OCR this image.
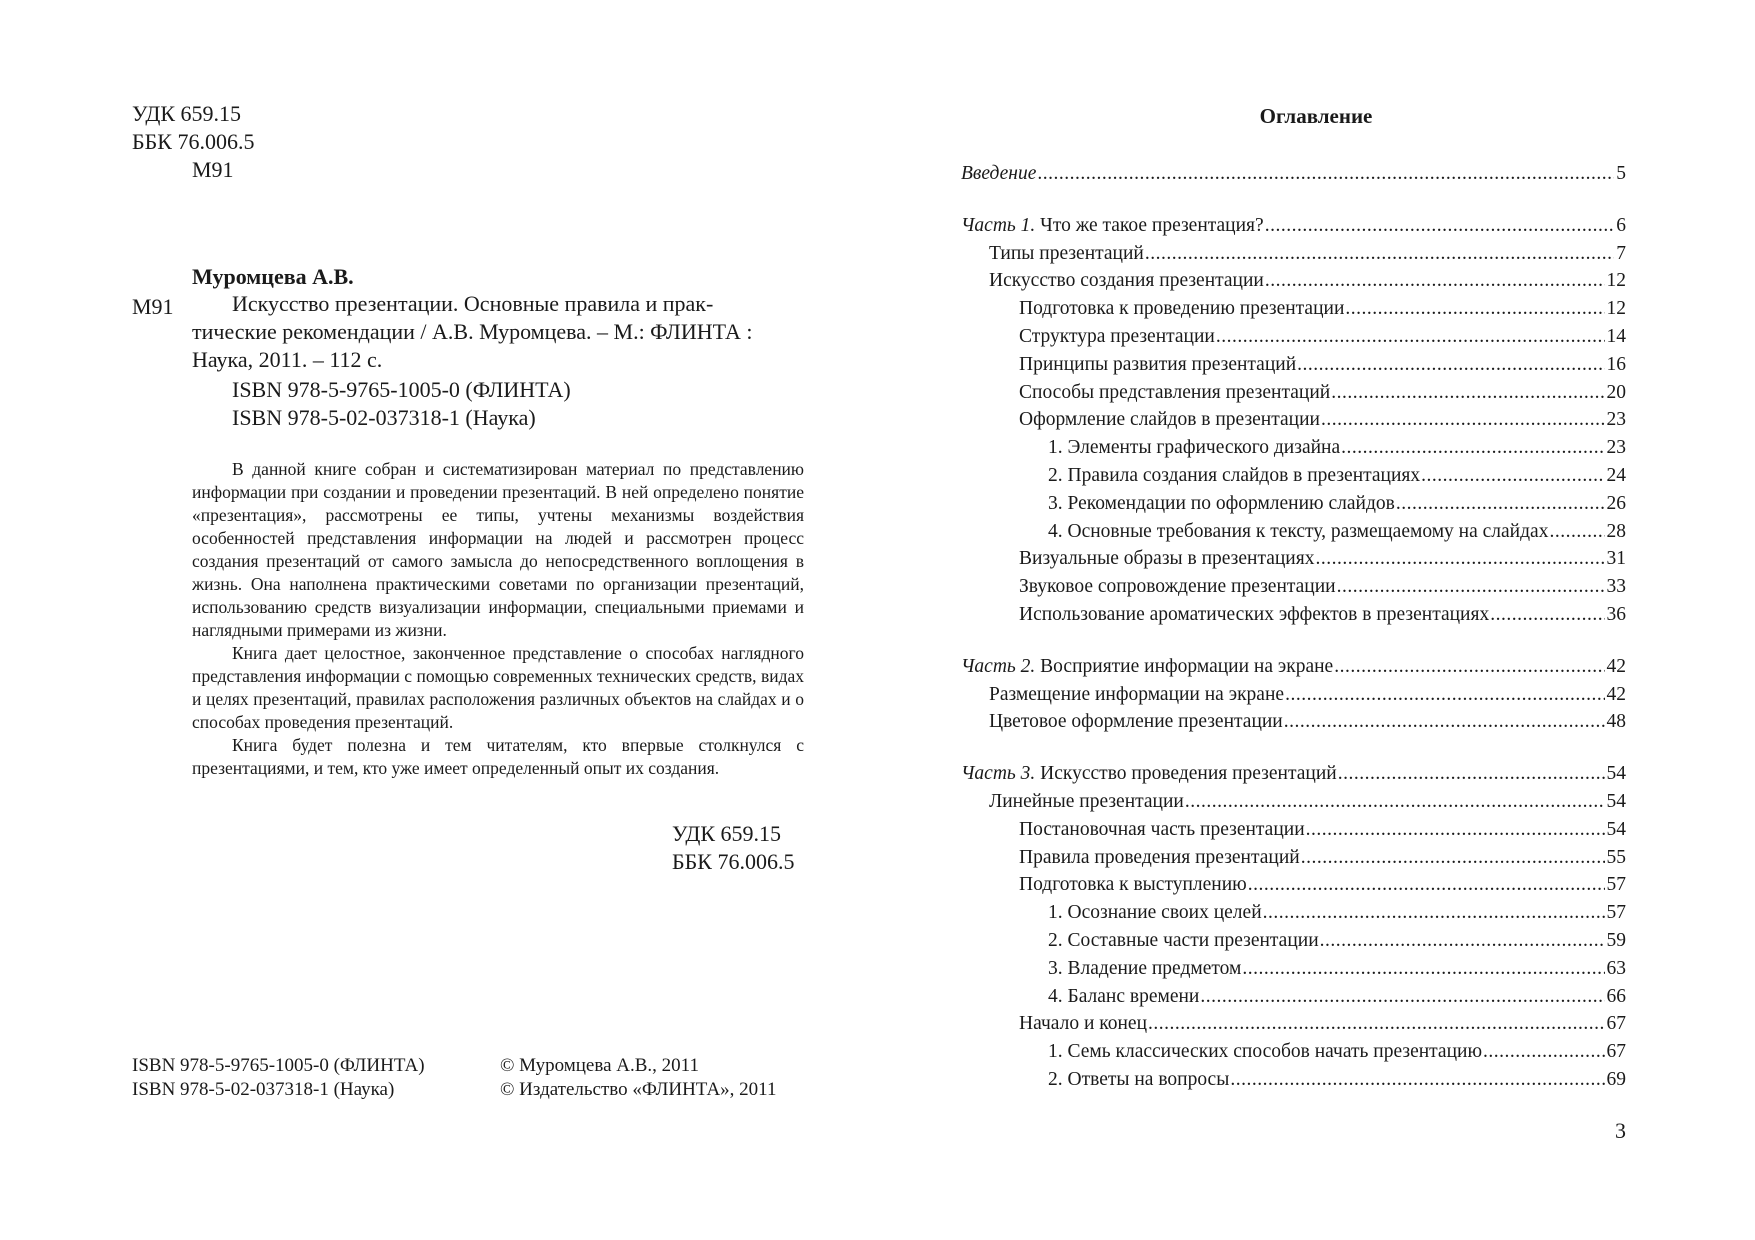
УДК 659.15
ББК 76.006.5
М91
Муромцева А.В.
М91	Искусство презентации. Основные правила и прак-
тические рекомендации / А.В. Муромцева. – М.: ФЛИНТА :
Наука, 2011. – 112 с.
ISBN 978-5-9765-1005-0 (ФЛИНТА)
ISBN 978-5-02-037318-1 (Наука)

В данной книге собран и систематизирован материал по представлению информации при создании и проведении презентаций. В ней определено понятие «презентация», рассмотрены ее типы, учтены механизмы воздействия особенностей представления информации на людей и рассмотрен процесс создания презентаций от самого замысла до непосредственного воплощения в жизнь. Она наполнена практическими советами по организации презентаций, использованию средств визуализации информации, специальными приемами и наглядными примерами из жизни.

Книга дает целостное, законченное представление о способах наглядного представления информации с помощью современных технических средств, видах и целях презентаций, правилах расположения различных объектов на слайдах и о способах проведения презентаций.

Книга будет полезна и тем читателям, кто впервые столкнулся с презентациями, и тем, кто уже имеет определенный опыт их создания.

УДК 659.15
ББК 76.006.5
ISBN 978-5-9765-1005-0 (ФЛИНТА)
ISBN 978-5-02-037318-1 (Наука)
© Муромцева А.В., 2011
© Издательство «ФЛИНТА», 2011
Оглавление
Введение .....	5
Часть 1. Что же такое презентация? .....	6
Типы презентаций .....	7
Искусство создания презентации .....	12
Подготовка к проведению презентации .....	12
Структура презентации .....	14
Принципы развития презентаций .....	16
Способы представления презентаций .....	20
Оформление слайдов в презентации .....	23
1. Элементы графического дизайна .....	23
2. Правила создания слайдов в презентациях .....	24
3. Рекомендации по оформлению слайдов .....	26
4. Основные требования к тексту, размещаемому на слайдах .....	28
Визуальные образы в презентациях .....	31
Звуковое сопровождение презентации .....	33
Использование ароматических эффектов в презентациях .....	36
Часть 2. Восприятие информации на экране .....	42
Размещение информации на экране .....	42
Цветовое оформление презентации .....	48
Часть 3. Искусство проведения презентаций .....	54
Линейные презентации .....	54
Постановочная часть презентации .....	54
Правила проведения презентаций .....	55
Подготовка к выступлению .....	57
1. Осознание своих целей .....	57
2. Составные части презентации .....	59
3. Владение предметом .....	63
4. Баланс времени .....	66
Начало и конец .....	67
1. Семь классических способов начать презентацию .....	67
2. Ответы на вопросы .....	69
3
